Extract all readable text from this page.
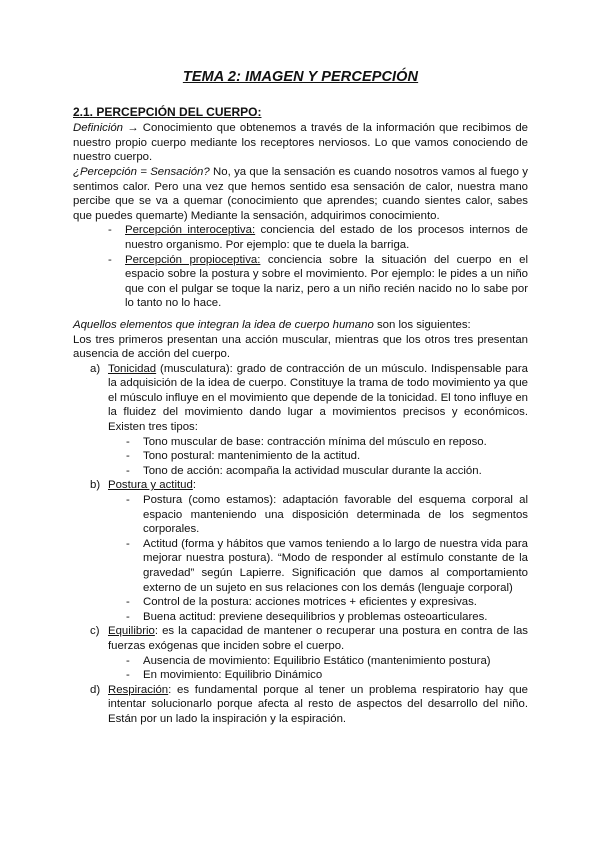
TEMA 2: IMAGEN Y PERCEPCIÓN
2.1. PERCEPCIÓN DEL CUERPO:

Definición → Conocimiento que obtenemos a través de la información que recibimos de nuestro propio cuerpo mediante los receptores nerviosos. Lo que vamos conociendo de nuestro cuerpo.

¿Percepción = Sensación? No, ya que la sensación es cuando nosotros vamos al fuego y sentimos calor. Pero una vez que hemos sentido esa sensación de calor, nuestra mano percibe que se va a quemar (conocimiento que aprendes; cuando sientes calor, sabes que puedes quemarte) Mediante la sensación, adquirimos conocimiento.

- Percepción interoceptiva: conciencia del estado de los procesos internos de nuestro organismo. Por ejemplo: que te duela la barriga.
- Percepción propioceptiva: conciencia sobre la situación del cuerpo en el espacio sobre la postura y sobre el movimiento. Por ejemplo: le pides a un niño que con el pulgar se toque la nariz, pero a un niño recién nacido no lo sabe por lo tanto no lo hace.

Aquellos elementos que integran la idea de cuerpo humano son los siguientes:

Los tres primeros presentan una acción muscular, mientras que los otros tres presentan ausencia de acción del cuerpo.

a) Tonicidad (musculatura): grado de contracción de un músculo. Indispensable para la adquisición de la idea de cuerpo. Constituye la trama de todo movimiento ya que el músculo influye en el movimiento que depende de la tonicidad. El tono influye en la fluidez del movimiento dando lugar a movimientos precisos y económicos. Existen tres tipos:
- Tono muscular de base: contracción mínima del músculo en reposo.
- Tono postural: mantenimiento de la actitud.
- Tono de acción: acompaña la actividad muscular durante la acción.
b) Postura y actitud:
- Postura (como estamos): adaptación favorable del esquema corporal al espacio manteniendo una disposición determinada de los segmentos corporales.
- Actitud (forma y hábitos que vamos teniendo a lo largo de nuestra vida para mejorar nuestra postura). “Modo de responder al estímulo constante de la gravedad” según Lapierre. Significación que damos al comportamiento externo de un sujeto en sus relaciones con los demás (lenguaje corporal)
- Control de la postura: acciones motrices + eficientes y expresivas.
- Buena actitud: previene desequilibrios y problemas osteoarticulares.
c) Equilibrio: es la capacidad de mantener o recuperar una postura en contra de las fuerzas exógenas que inciden sobre el cuerpo.
- Ausencia de movimiento: Equilibrio Estático (mantenimiento postura)
- En movimiento: Equilibrio Dinámico
d) Respiración: es fundamental porque al tener un problema respiratorio hay que intentar solucionarlo porque afecta al resto de aspectos del desarrollo del niño. Están por un lado la inspiración y la espiración.
